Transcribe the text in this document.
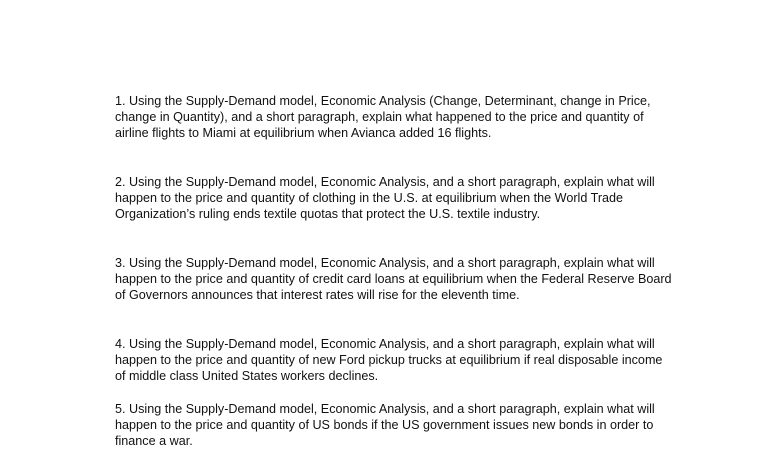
1. Using the Supply-Demand model, Economic Analysis (Change, Determinant, change in Price, change in Quantity), and a short paragraph, explain what happened to the price and quantity of airline flights to Miami at equilibrium when Avianca added 16 flights.

2. Using the Supply-Demand model, Economic Analysis, and a short paragraph, explain what will happen to the price and quantity of clothing in the U.S. at equilibrium when the World Trade Organization’s ruling ends textile quotas that protect the U.S. textile industry.

3. Using the Supply-Demand model, Economic Analysis, and a short paragraph, explain what will happen to the price and quantity of credit card loans at equilibrium when the Federal Reserve Board of Governors announces that interest rates will rise for the eleventh time.

4. Using the Supply-Demand model, Economic Analysis, and a short paragraph, explain what will happen to the price and quantity of new Ford pickup trucks at equilibrium if real disposable income of middle class United States workers declines.

5. Using the Supply-Demand model, Economic Analysis, and a short paragraph, explain what will happen to the price and quantity of US bonds if the US government issues new bonds in order to finance a war.
